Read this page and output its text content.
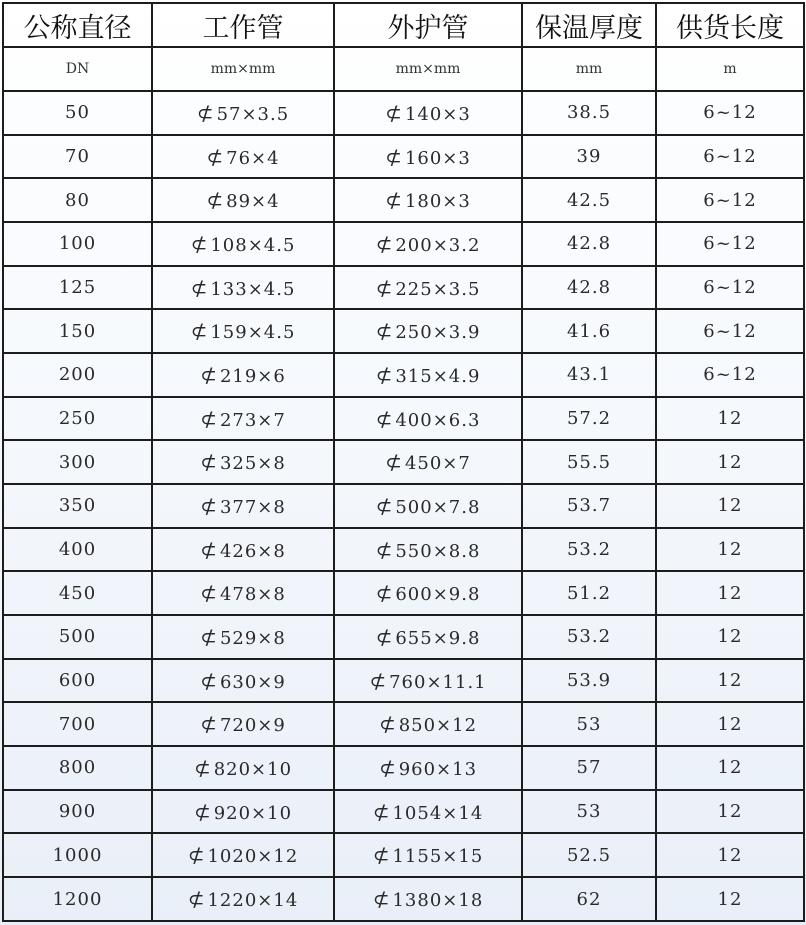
公称直径	工作管	外护管	保温厚度	供货长度
DN	mm×mm	mm×mm	mm	m
50	⊄ 57×3.5	⊄ 140×3	38.5	6~12
70	⊄ 76×4	⊄ 160×3	39	6~12
80	⊄ 89×4	⊄ 180×3	42.5	6~12
100	⊄ 108×4.5	⊄ 200×3.2	42.8	6~12
125	⊄ 133×4.5	⊄ 225×3.5	42.8	6~12
150	⊄ 159×4.5	⊄ 250×3.9	41.6	6~12
200	⊄ 219×6	⊄ 315×4.9	43.1	6~12
250	⊄ 273×7	⊄ 400×6.3	57.2	12
300	⊄ 325×8	⊄ 450×7	55.5	12
350	⊄ 377×8	⊄ 500×7.8	53.7	12
400	⊄ 426×8	⊄ 550×8.8	53.2	12
450	⊄ 478×8	⊄ 600×9.8	51.2	12
500	⊄ 529×8	⊄ 655×9.8	53.2	12
600	⊄ 630×9	⊄ 760×11.1	53.9	12
700	⊄ 720×9	⊄ 850×12	53	12
800	⊄ 820×10	⊄ 960×13	57	12
900	⊄ 920×10	⊄ 1054×14	53	12
1000	⊄ 1020×12	⊄ 1155×15	52.5	12
1200	⊄ 1220×14	⊄ 1380×18	62	12
